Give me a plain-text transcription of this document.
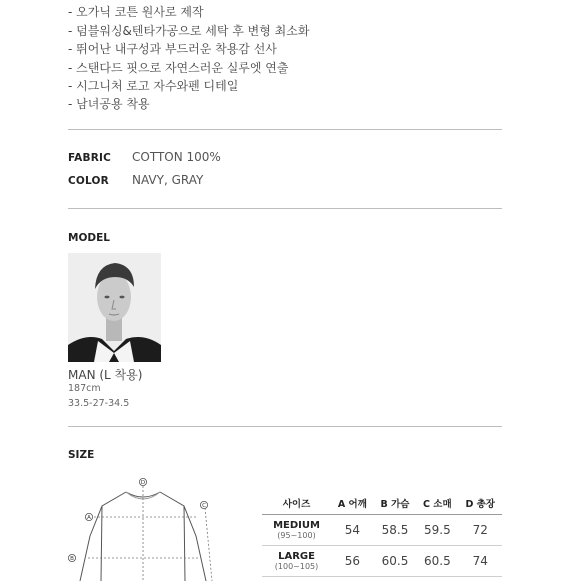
- 오가닉 코튼 원사로 제작
- 덤블워싱&텐타가공으로 세탁 후 변형 최소화
- 뛰어난 내구성과 부드러운 착용감 선사
- 스탠다드 핏으로 자연스러운 실루엣 연출
- 시그니처 로고 자수와펜 디테일
- 남녀공용 착용
FABRIC COTTON 100%
COLOR NAVY, GRAY
MODEL
MAN (L 착용)
187cm
33.5-27-34.5
SIZE
A
B
C
D
사이즈	A 어깨	B 가슴	C 소매	D 총장

MEDIUM
(95~100)	54	58.5	59.5	72

LARGE
(100~105)	56	60.5	60.5	74
